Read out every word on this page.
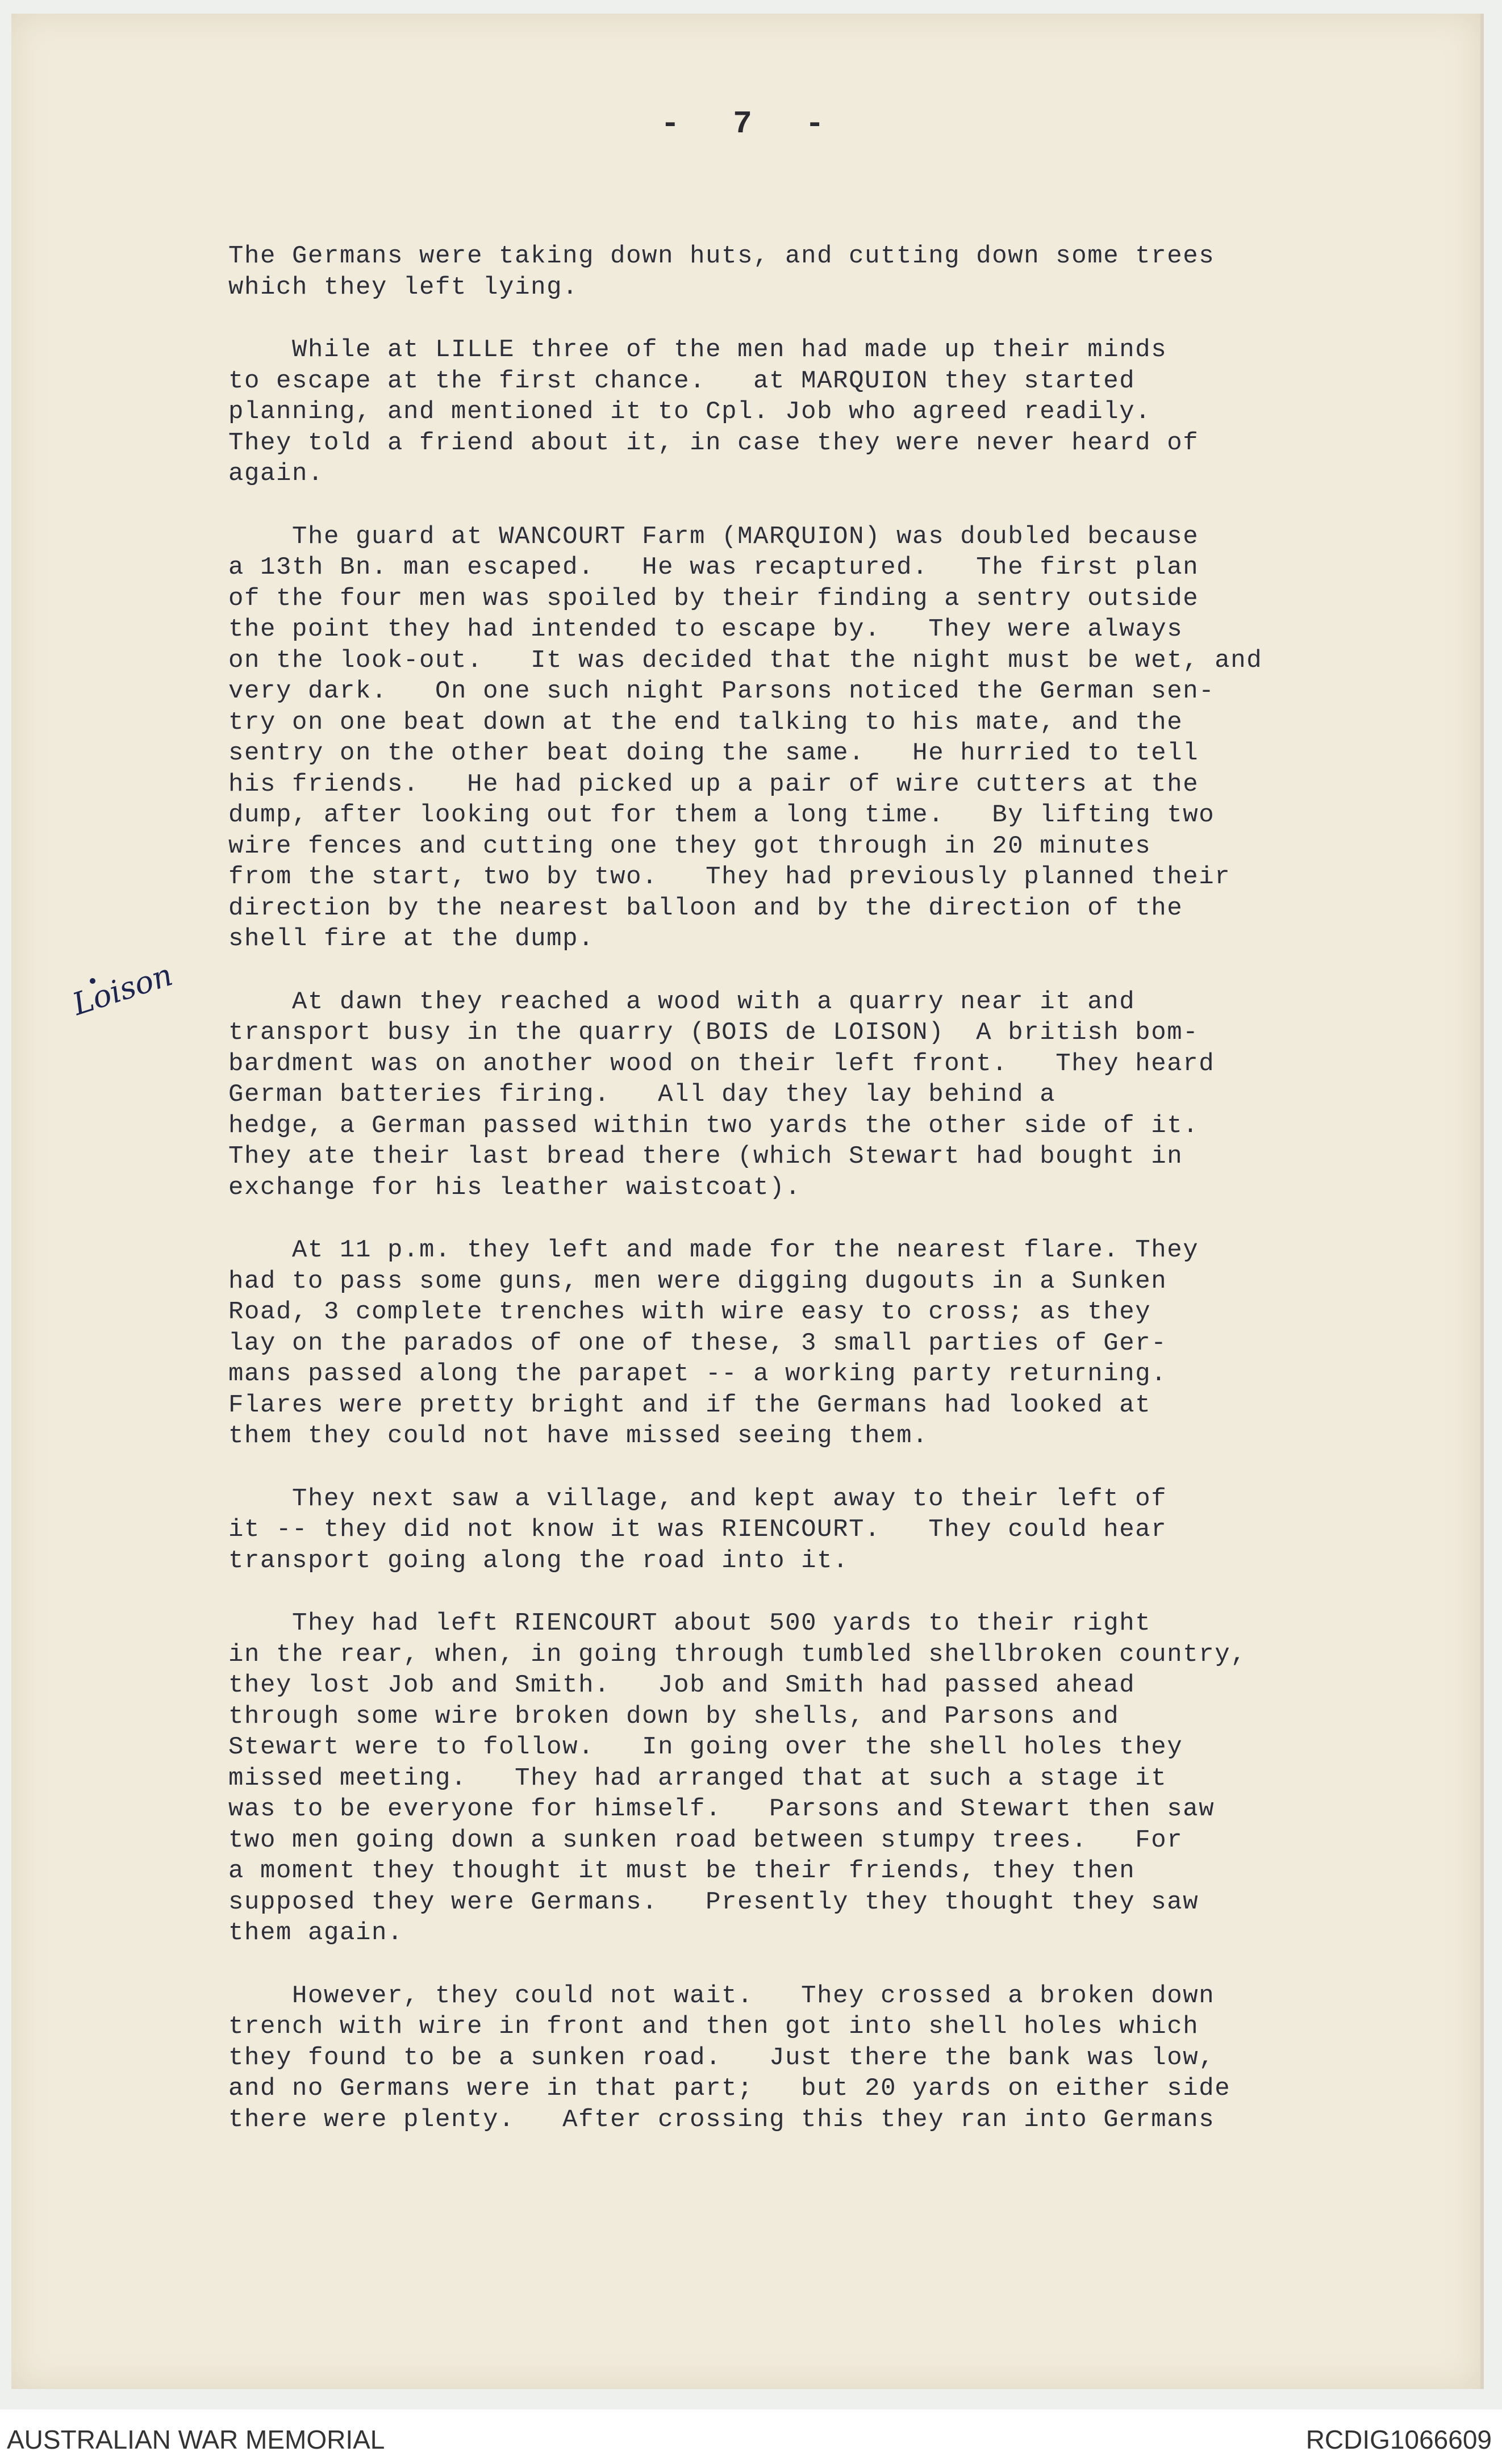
- 7 -
Loison
The Germans were taking down huts, and cutting down some trees
which they left lying.
While at LILLE three of the men had made up their minds
to escape at the first chance.   at MARQUION they started
planning, and mentioned it to Cpl. Job who agreed readily.
They told a friend about it, in case they were never heard of
again.
The guard at WANCOURT Farm (MARQUION) was doubled because
a 13th Bn. man escaped.   He was recaptured.   The first plan
of the four men was spoiled by their finding a sentry outside
the point they had intended to escape by.   They were always
on the look-out.   It was decided that the night must be wet, and
very dark.   On one such night Parsons noticed the German sen-
try on one beat down at the end talking to his mate, and the
sentry on the other beat doing the same.   He hurried to tell
his friends.   He had picked up a pair of wire cutters at the
dump, after looking out for them a long time.   By lifting two
wire fences and cutting one they got through in 20 minutes
from the start, two by two.   They had previously planned their
direction by the nearest balloon and by the direction of the
shell fire at the dump.
At dawn they reached a wood with a quarry near it and
transport busy in the quarry (BOIS de LOISON)  A british bom-
bardment was on another wood on their left front.   They heard
German batteries firing.   All day they lay behind a
hedge, a German passed within two yards the other side of it.
They ate their last bread there (which Stewart had bought in
exchange for his leather waistcoat).
At 11 p.m. they left and made for the nearest flare. They
had to pass some guns, men were digging dugouts in a Sunken
Road, 3 complete trenches with wire easy to cross; as they
lay on the parados of one of these, 3 small parties of Ger-
mans passed along the parapet -- a working party returning.
Flares were pretty bright and if the Germans had looked at
them they could not have missed seeing them.
They next saw a village, and kept away to their left of
it -- they did not know it was RIENCOURT.   They could hear
transport going along the road into it.
They had left RIENCOURT about 500 yards to their right
in the rear, when, in going through tumbled shellbroken country,
they lost Job and Smith.   Job and Smith had passed ahead
through some wire broken down by shells, and Parsons and
Stewart were to follow.   In going over the shell holes they
missed meeting.   They had arranged that at such a stage it
was to be everyone for himself.   Parsons and Stewart then saw
two men going down a sunken road between stumpy trees.   For
a moment they thought it must be their friends, they then
supposed they were Germans.   Presently they thought they saw
them again.
However, they could not wait.   They crossed a broken down
trench with wire in front and then got into shell holes which
they found to be a sunken road.   Just there the bank was low,
and no Germans were in that part;   but 20 yards on either side
there were plenty.   After crossing this they ran into Germans
AUSTRALIAN WAR MEMORIAL	RCDIG1066609
